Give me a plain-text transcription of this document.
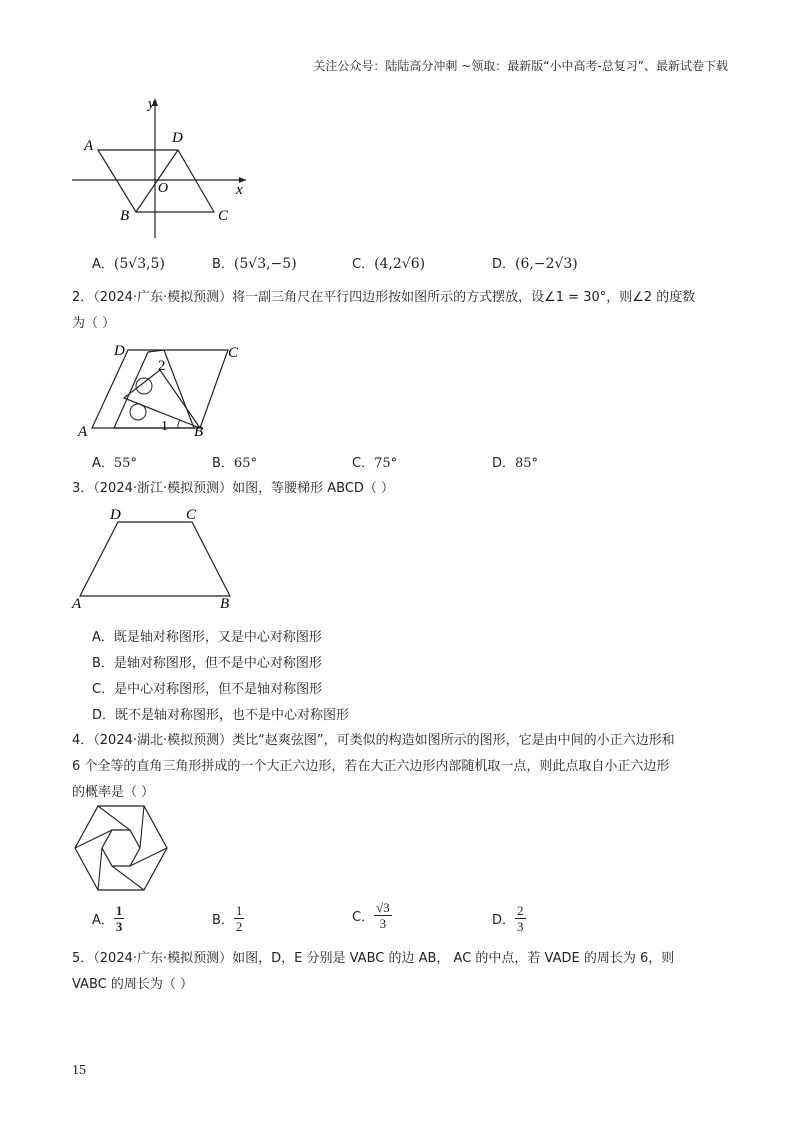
关注公众号：陆陆高分冲刺 ~领取：最新版“小中高考-总复习”、最新试卷下载
y
x
A	D
O
B	C
A．(5√3,5)	B．(5√3,−5)	C．(4,2√6)	D．(6,−2√3)
2．（2024·广东·模拟预测）将一副三角尺在平行四边形按如图所示的方式摆放，设∠1 = 30°，则∠2 的度数
为（ ）
D	C
A	B
2
1
A．55°	B．65°	C．75°	D．85°
3．（2024·浙江·模拟预测）如图，等腰梯形 ABCD（ ）
D	C
A	B
A．既是轴对称图形，又是中心对称图形
B．是轴对称图形，但不是中心对称图形
C．是中心对称图形，但不是轴对称图形
D．既不是轴对称图形，也不是中心对称图形
4．（2024·湖北·模拟预测）类比“赵爽弦图”，可类似的构造如图所示的图形，它是由中间的小正六边形和
6 个全等的直角三角形拼成的一个大正六边形，若在大正六边形内部随机取一点，则此点取自小正六边形
的概率是（ ）
A． $\frac{1}{3}$	B． $\frac{1}{2}$	C． $\frac{√3}{3}$	D． $\frac{2}{3}$
5．（2024·广东·模拟预测）如图，D，E 分别是 VABC 的边 AB， AC 的中点，若 VADE 的周长为 6，则
VABC 的周长为（ ）
15
